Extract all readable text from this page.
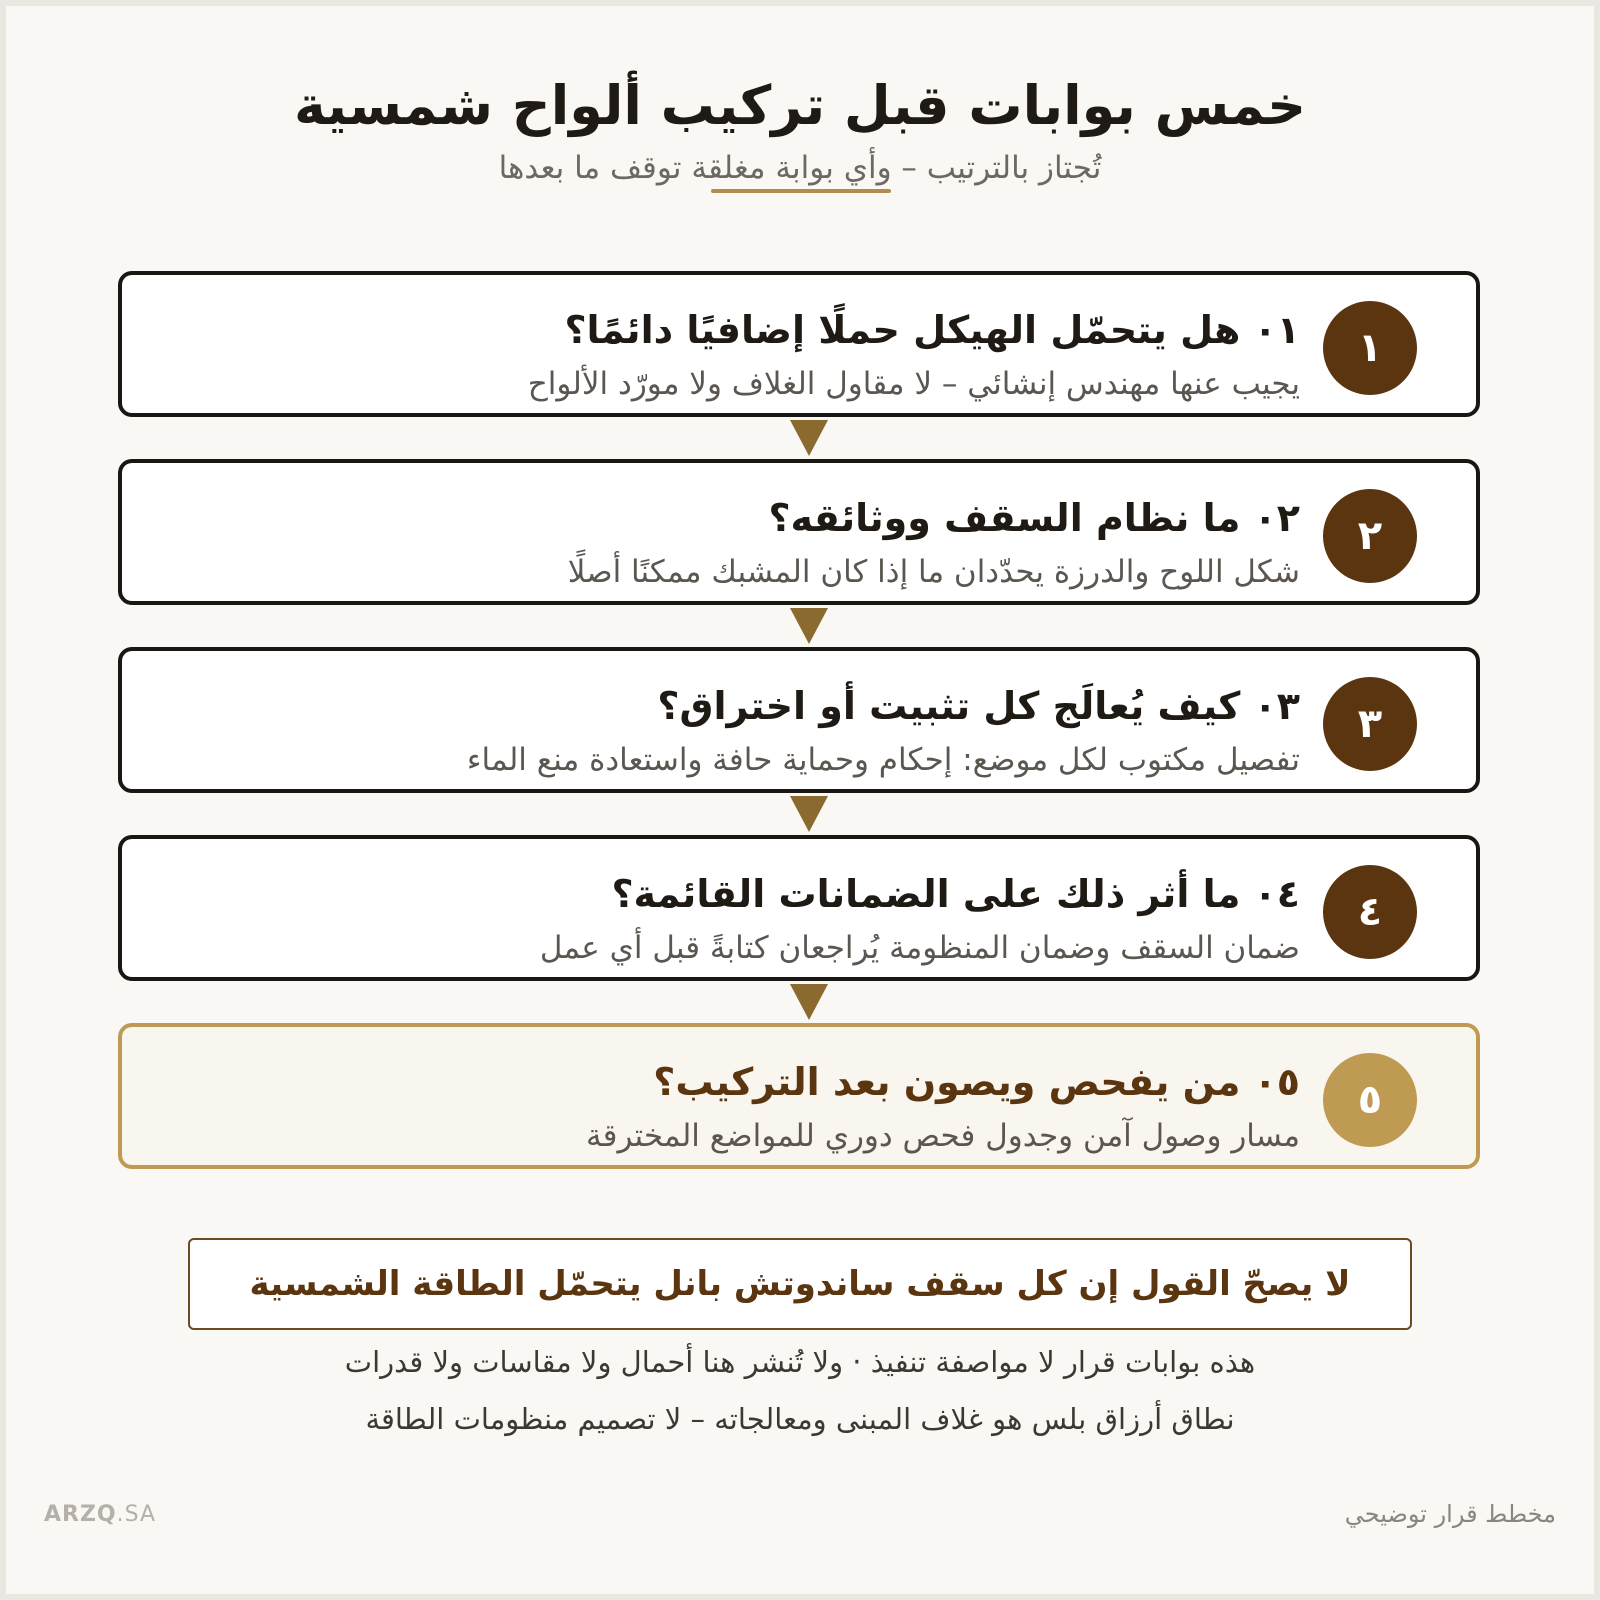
خمس بوابات قبل تركيب ألواح شمسية
تُجتاز بالترتيب – وأي بوابة مغلقة توقف ما بعدها
١
٠١ هل يتحمّل الهيكل حملًا إضافيًا دائمًا؟
يجيب عنها مهندس إنشائي – لا مقاول الغلاف ولا مورّد الألواح
٢
٠٢ ما نظام السقف ووثائقه؟
شكل اللوح والدرزة يحدّدان ما إذا كان المشبك ممكنًا أصلًا
٣
٠٣ كيف يُعالَج كل تثبيت أو اختراق؟
تفصيل مكتوب لكل موضع: إحكام وحماية حافة واستعادة منع الماء
٤
٠٤ ما أثر ذلك على الضمانات القائمة؟
ضمان السقف وضمان المنظومة يُراجعان كتابةً قبل أي عمل
٥
٠٥ من يفحص ويصون بعد التركيب؟
مسار وصول آمن وجدول فحص دوري للمواضع المخترقة
لا يصحّ القول إن كل سقف ساندوتش بانل يتحمّل الطاقة الشمسية
هذه بوابات قرار لا مواصفة تنفيذ · ولا تُنشر هنا أحمال ولا مقاسات ولا قدرات
نطاق أرزاق بلس هو غلاف المبنى ومعالجاته – لا تصميم منظومات الطاقة
ARZQ.SA	مخطط قرار توضيحي
